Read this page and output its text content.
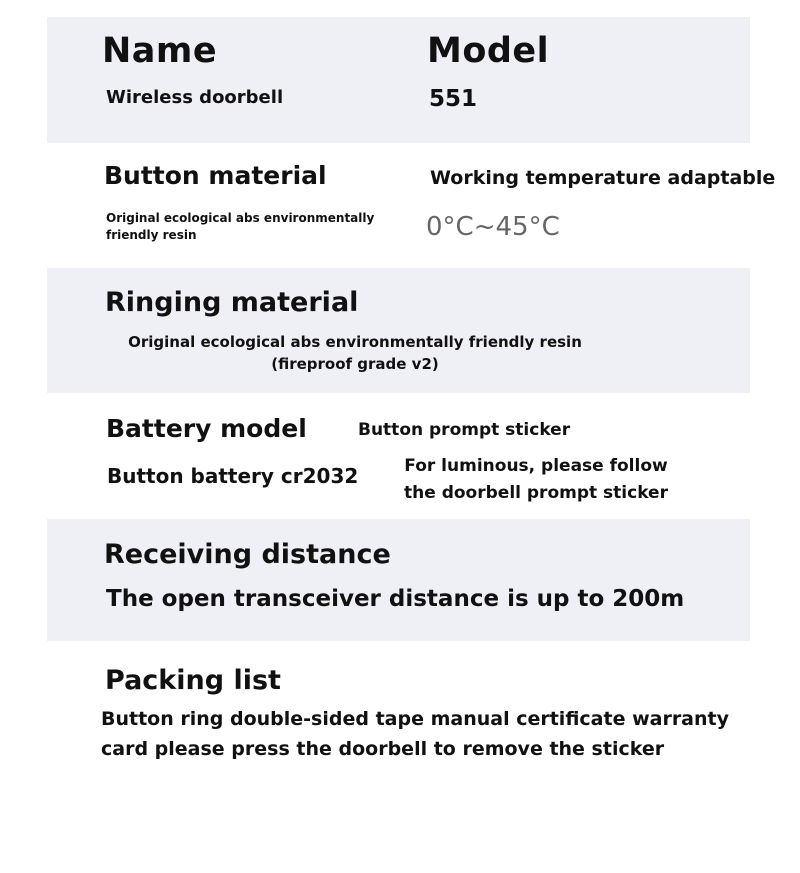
Name
Wireless doorbell
Model
551
Button material
Original ecological abs environmentally friendly resin
Working temperature adaptable
0°C~45°C
Ringing material
Original ecological abs environmentally friendly resin (fireproof grade v2)
Battery model
Button battery cr2032
Button prompt sticker
For luminous, please follow the doorbell prompt sticker
Receiving distance
The open transceiver distance is up to 200m
Packing list
Button ring double-sided tape manual certificate warranty card please press the doorbell to remove the sticker
